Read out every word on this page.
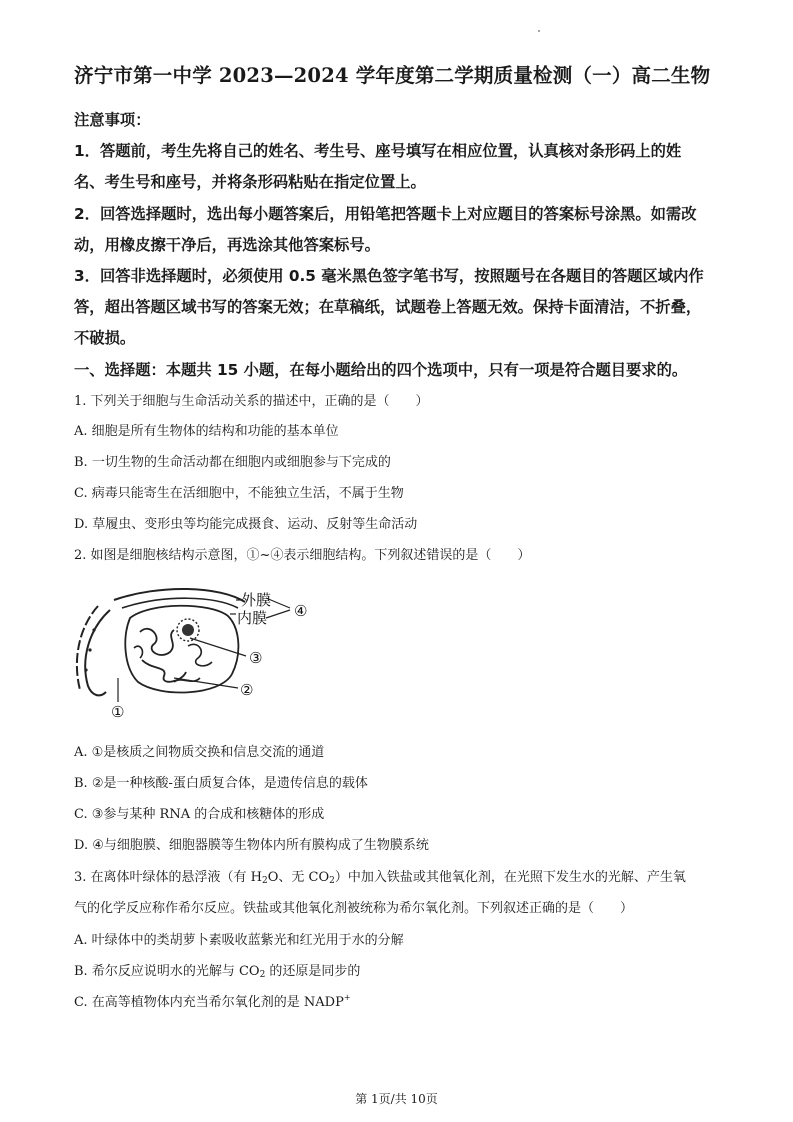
济宁市第一中学 2023—2024 学年度第二学期质量检测（一）高二生物
注意事项：
1．答题前，考生先将自己的姓名、考生号、座号填写在相应位置，认真核对条形码上的姓
名、考生号和座号，并将条形码粘贴在指定位置上。
2．回答选择题时，选出每小题答案后，用铅笔把答题卡上对应题目的答案标号涂黑。如需改
动，用橡皮擦干净后，再选涂其他答案标号。
3．回答非选择题时，必须使用 0.5 毫米黑色签字笔书写，按照题号在各题目的答题区域内作
答，超出答题区域书写的答案无效；在草稿纸，试题卷上答题无效。保持卡面清洁，不折叠，
不破损。
一、选择题：本题共 15 小题，在每小题给出的四个选项中，只有一项是符合题目要求的。
1. 下列关于细胞与生命活动关系的描述中，正确的是（　　）
A. 细胞是所有生物体的结构和功能的基本单位
B. 一切生物的生命活动都在细胞内或细胞参与下完成的
C. 病毒只能寄生在活细胞中，不能独立生活，不属于生物
D. 草履虫、变形虫等均能完成摄食、运动、反射等生命活动
2. 如图是细胞核结构示意图，①~④表示细胞结构。下列叙述错误的是（　　）
外膜
内膜 ④
③
②
①
A. ①是核质之间物质交换和信息交流的通道
B. ②是一种核酸-蛋白质复合体，是遗传信息的载体
C. ③参与某种 RNA 的合成和核糖体的形成
D. ④与细胞膜、细胞器膜等生物体内所有膜构成了生物膜系统
3. 在离体叶绿体的悬浮液（有 $H_2O$、无 $CO_2$）中加入铁盐或其他氧化剂，在光照下发生水的光解、产生氧
气的化学反应称作希尔反应。铁盐或其他氧化剂被统称为希尔氧化剂。下列叙述正确的是（　　）
A. 叶绿体中的类胡萝卜素吸收蓝紫光和红光用于水的分解
B. 希尔反应说明水的光解与 $CO_2$ 的还原是同步的
C. 在高等植物体内充当希尔氧化剂的是 NADP+
第 1页/共 10页
